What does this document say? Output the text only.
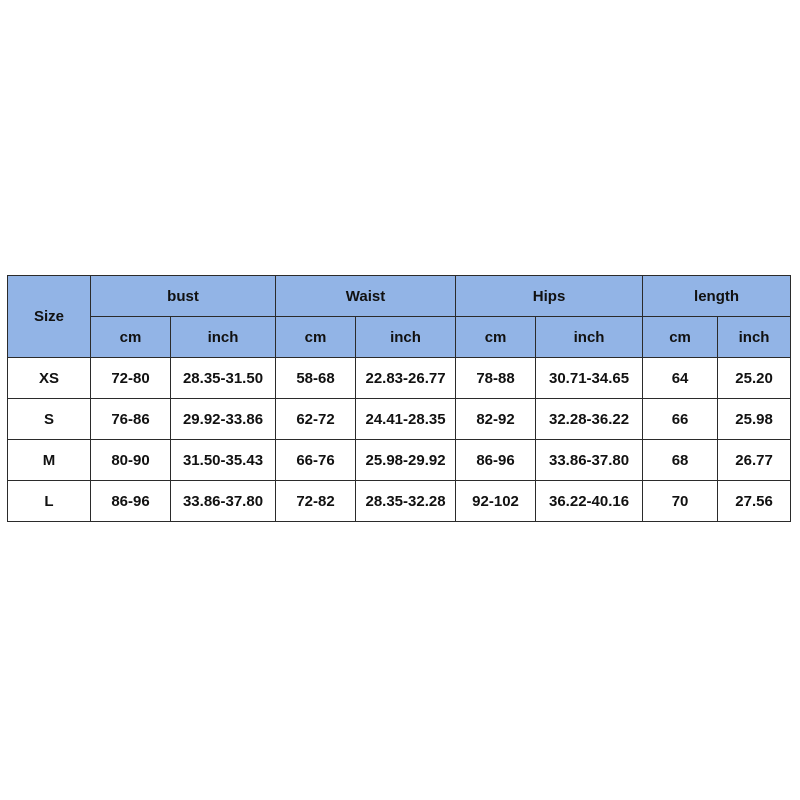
Size	bust		Waist		Hips		length	
	cm	inch	cm	inch	cm	inch	cm	inch
XS	72-80	28.35-31.50	58-68	22.83-26.77	78-88	30.71-34.65	64	25.20
S	76-86	29.92-33.86	62-72	24.41-28.35	82-92	32.28-36.22	66	25.98
M	80-90	31.50-35.43	66-76	25.98-29.92	86-96	33.86-37.80	68	26.77
L	86-96	33.86-37.80	72-82	28.35-32.28	92-102	36.22-40.16	70	27.56
